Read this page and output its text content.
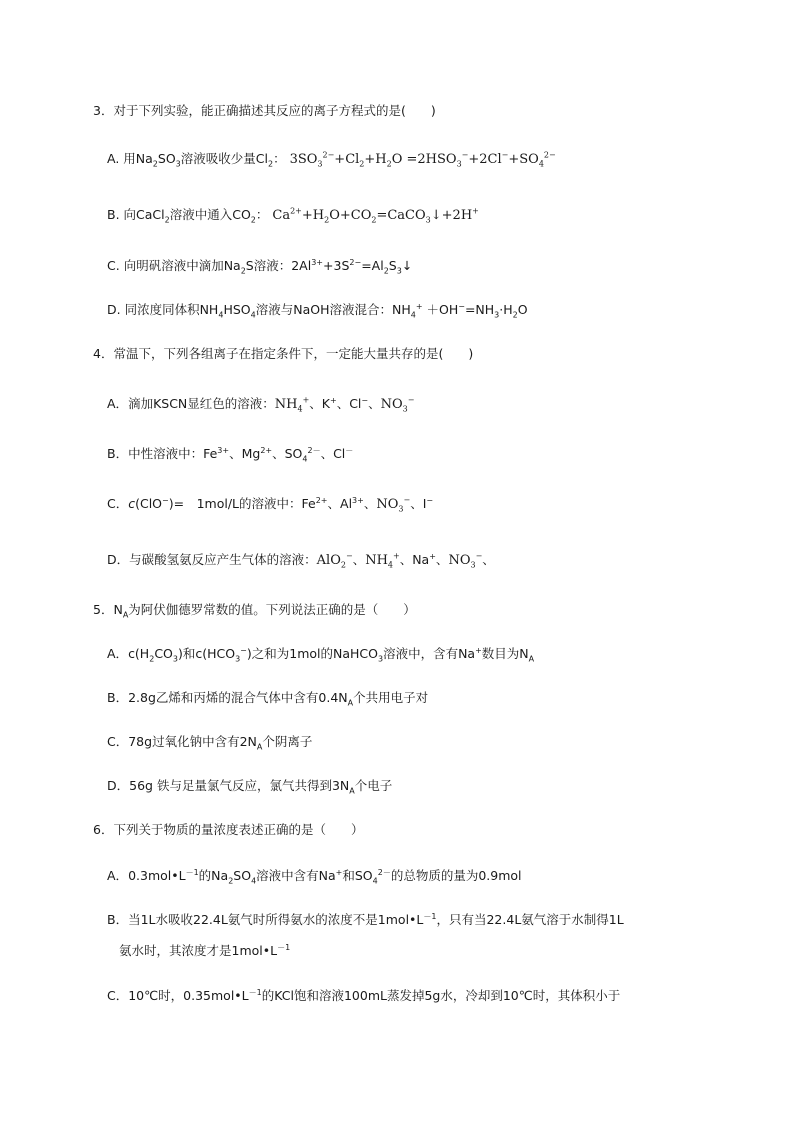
3．对于下列实验，能正确描述其反应的离子方程式的是(　　)
A. 用$Na_2SO_3$溶液吸收少量$Cl_2$： $3SO_3^{2-}+Cl_2+H_2O =2HSO_3^-+2Cl^-+SO_4^{2-}$
B. 向CaCl$_2$溶液中通入$CO_2$： $Ca^{2+}+H_2O+CO_2=CaCO_3↓+2H^+$
C. 向明矾溶液中滴加$Na_2S$溶液：$2Al^{3+}+3S^{2-}=Al_2S_3↓$
D. 同浓度同体积$NH_4HSO_4$溶液与NaOH溶液混合：$NH_4^+ +OH^-=NH_3\cdot H_2O$
4．常温下，下列各组离子在指定条件下，一定能大量共存的是(　　)
A．滴加KSCN显红色的溶液：$NH_4^+$、K+、Cl−、$NO_3^-$
B．中性溶液中：$Fe^{3+}$、$Mg^{2+}$、$SO_4^{2-}$、Cl－
C．c(ClO−)=　1mol/L的溶液中：$Fe^{2+}$、$Al^{3+}$、$NO_3^-$、I−
D．与碳酸氢氨反应产生气体的溶液：AlO$_2$−、$NH_4^+$、Na+、$NO_3^-$、
5．$N_A$为阿伏伽德罗常数的值。下列说法正确的是（　　）
A．$c(H_2CO_3)$和$c(HCO_3^-)$之和为1mol的NaHCO$_3$溶液中，含有Na+数目为$N_A$
B．2.8g乙烯和丙烯的混合气体中含有$0.4N_A$个共用电子对
C．78g过氧化钠中含有$2N_A$个阴离子
D．56g 铁与足量氯气反应，氯气共得到$3N_A$个电子
6．下列关于物质的量浓度表述正确的是（　　）
A．$0.3mol•L^{-1}$的$Na_2SO_4$溶液中含有Na+和$SO_4^{2-}$的总物质的量为0.9mol
B．当1L水吸收22.4L氨气时所得氨水的浓度不是$1mol•L^{-1}$，只有当22.4L氨气溶于水制得1L
氨水时，其浓度才是$1mol•L^{-1}$
C．10℃时，$0.35mol•L^{-1}$的KCl饱和溶液100mL蒸发掉5g水，冷却到10℃时，其体积小于
